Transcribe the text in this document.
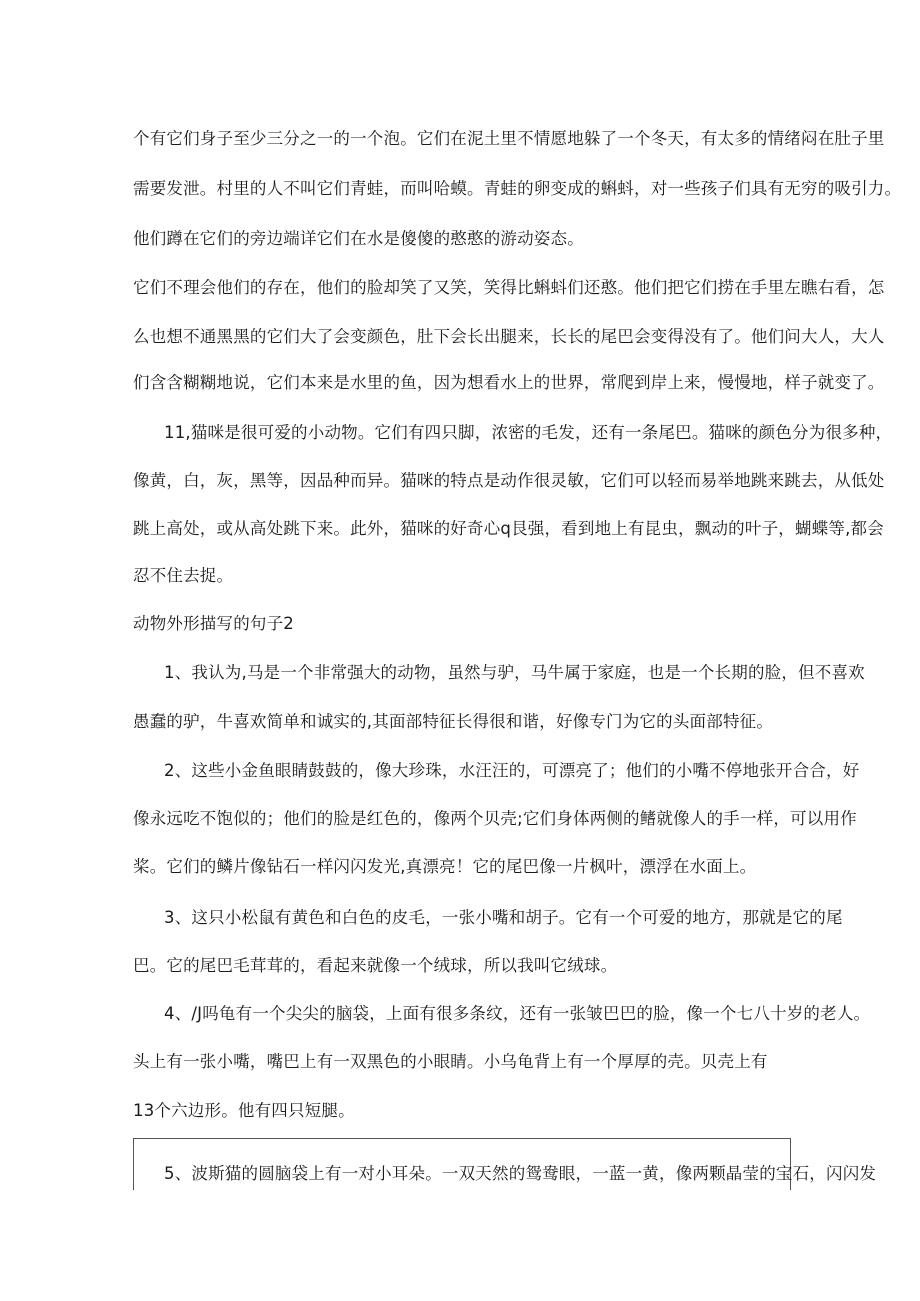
个有它们身子至少三分之一的一个泡。它们在泥土里不情愿地躲了一个冬天，有太多的情绪闷在肚子里
需要发泄。村里的人不叫它们青蛙，而叫哈蟆。青蛙的卵变成的蝌蚪，对一些孩子们具有无穷的吸引力。
他们蹲在它们的旁边端详它们在水是傻傻的憨憨的游动姿态。
它们不理会他们的存在，他们的脸却笑了又笑，笑得比蝌蚪们还憨。他们把它们捞在手里左瞧右看，怎
么也想不通黑黑的它们大了会变颜色，肚下会长出腿来，长长的尾巴会变得没有了。他们问大人，大人
们含含糊糊地说，它们本来是水里的鱼，因为想看水上的世界，常爬到岸上来，慢慢地，样子就变了。
11,猫咪是很可爱的小动物。它们有四只脚，浓密的毛发，还有一条尾巴。猫咪的颜色分为很多种，
像黄，白，灰，黑等，因品种而异。猫咪的特点是动作很灵敏，它们可以轻而易举地跳来跳去，从低处
跳上高处，或从高处跳下来。此外，猫咪的好奇心q艮强，看到地上有昆虫，飘动的叶子，蝴蝶等,都会
忍不住去捉。
动物外形描写的句子2
1、我认为,马是一个非常强大的动物，虽然与驴，马牛属于家庭，也是一个长期的脸，但不喜欢
愚蠢的驴，牛喜欢简单和诚实的,其面部特征长得很和谐，好像专门为它的头面部特征。
2、这些小金鱼眼睛鼓鼓的，像大珍珠，水汪汪的，可漂亮了；他们的小嘴不停地张开合合，好
像永远吃不饱似的；他们的脸是红色的，像两个贝壳;它们身体两侧的鳍就像人的手一样，可以用作
桨。它们的鳞片像钻石一样闪闪发光,真漂亮！它的尾巴像一片枫叶，漂浮在水面上。
3、这只小松鼠有黄色和白色的皮毛，一张小嘴和胡子。它有一个可爱的地方，那就是它的尾
巴。它的尾巴毛茸茸的，看起来就像一个绒球，所以我叫它绒球。
4、/J吗龟有一个尖尖的脑袋，上面有很多条纹，还有一张皱巴巴的脸，像一个七八十岁的老人。
头上有一张小嘴，嘴巴上有一双黑色的小眼睛。小乌龟背上有一个厚厚的壳。贝壳上有
13个六边形。他有四只短腿。
5、波斯猫的圆脑袋上有一对小耳朵。一双天然的鸳鸯眼，一蓝一黄，像两颗晶莹的宝石，闪闪发
